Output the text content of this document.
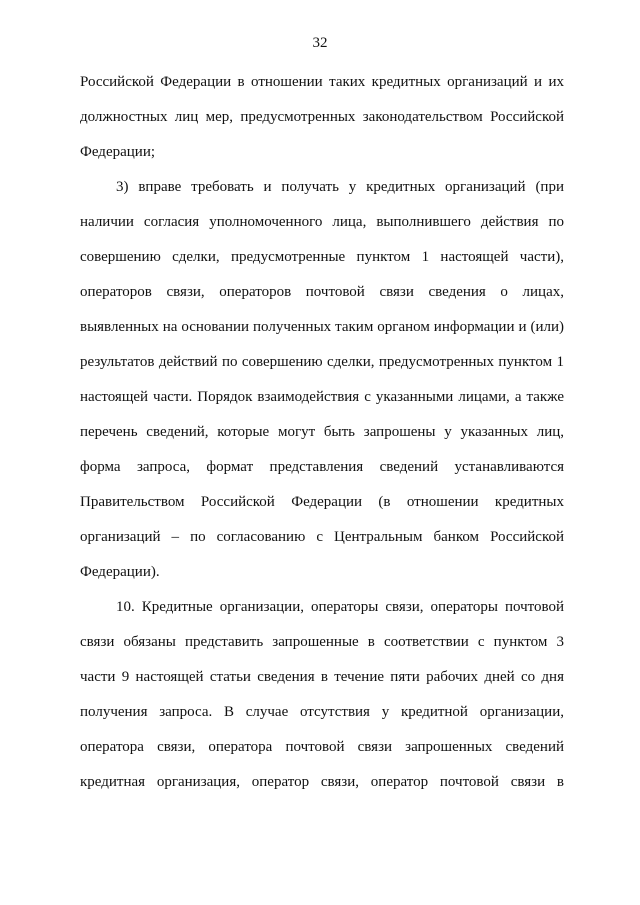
32
Российской Федерации в отношении таких кредитных организаций и их
должностных лиц мер, предусмотренных законодательством Российской
Федерации;
3) вправе требовать и получать у кредитных организаций (при
наличии согласия уполномоченного лица, выполнившего действия по
совершению сделки, предусмотренные пунктом 1 настоящей части),
операторов связи, операторов почтовой связи сведения о лицах,
выявленных на основании полученных таким органом информации и (или)
результатов действий по совершению сделки, предусмотренных пунктом 1
настоящей части. Порядок взаимодействия с указанными лицами, а также
перечень сведений, которые могут быть запрошены у указанных лиц,
форма запроса, формат представления сведений устанавливаются
Правительством Российской Федерации (в отношении кредитных
организаций – по согласованию с Центральным банком Российской
Федерации).
10. Кредитные организации, операторы связи, операторы почтовой
связи обязаны представить запрошенные в соответствии с пунктом 3
части 9 настоящей статьи сведения в течение пяти рабочих дней со дня
получения запроса. В случае отсутствия у кредитной организации,
оператора связи, оператора почтовой связи запрошенных сведений
кредитная организация, оператор связи, оператор почтовой связи в
